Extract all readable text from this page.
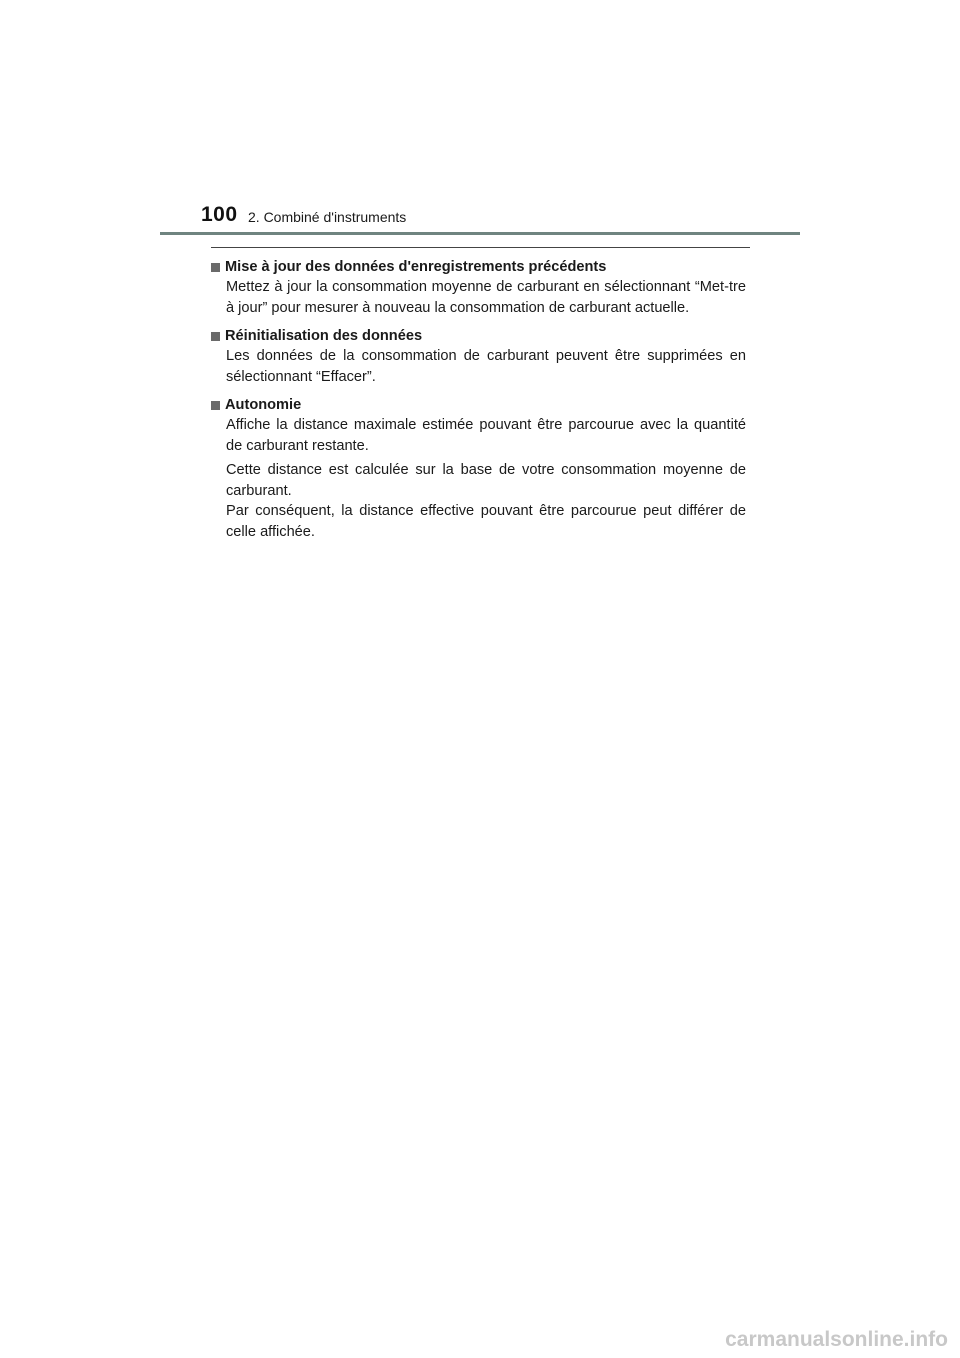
100 2. Combiné d'instruments
Mise à jour des données d'enregistrements précédents

Mettez à jour la consommation moyenne de carburant en sélectionnant “Met-tre à jour” pour mesurer à nouveau la consommation de carburant actuelle.

Réinitialisation des données

Les données de la consommation de carburant peuvent être supprimées en sélectionnant “Effacer”.

Autonomie

Affiche la distance maximale estimée pouvant être parcourue avec la quantité de carburant restante.

Cette distance est calculée sur la base de votre consommation moyenne de carburant.
Par conséquent, la distance effective pouvant être parcourue peut différer de celle affichée.

carmanualsonline.info
